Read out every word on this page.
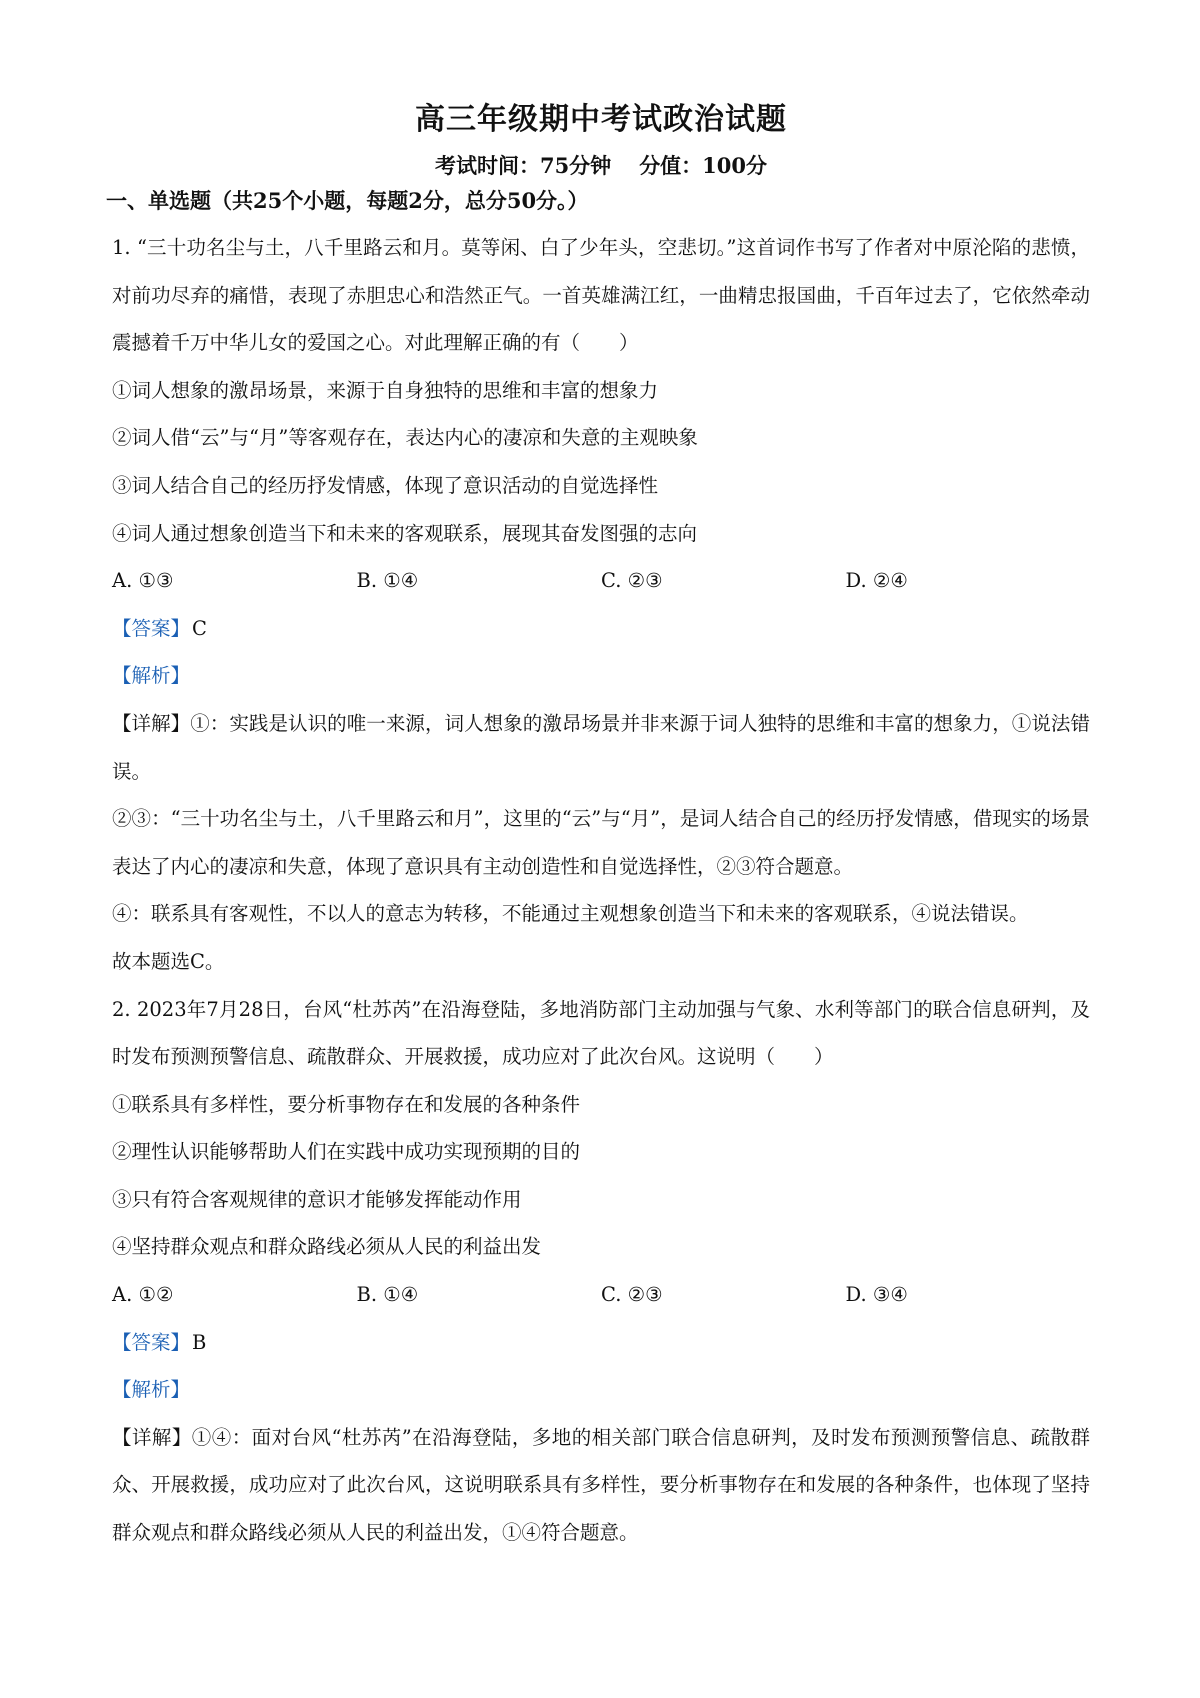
高三年级期中考试政治试题
考试时间：75分钟 分值：100分
一、单选题（共25个小题，每题2分，总分50分。）

1. “三十功名尘与土，八千里路云和月。莫等闲、白了少年头，空悲切。”这首词作书写了作者对中原沦陷的悲愤，对前功尽弃的痛惜，表现了赤胆忠心和浩然正气。一首英雄满江红，一曲精忠报国曲，千百年过去了，它依然牵动震撼着千万中华儿女的爱国之心。对此理解正确的有（　　）

①词人想象的激昂场景，来源于自身独特的思维和丰富的想象力

②词人借“云”与“月”等客观存在，表达内心的凄凉和失意的主观映象

③词人结合自己的经历抒发情感，体现了意识活动的自觉选择性

④词人通过想象创造当下和未来的客观联系，展现其奋发图强的志向

A. ①③	B. ①④	C. ②③	D. ②④

【答案】 C

【解析】

【详解】①：实践是认识的唯一来源，词人想象的激昂场景并非来源于词人独特的思维和丰富的想象力，①说法错误。

②③：“三十功名尘与土，八千里路云和月”，这里的“云”与“月”，是词人结合自己的经历抒发情感，借现实的场景表达了内心的凄凉和失意，体现了意识具有主动创造性和自觉选择性，②③符合题意。

④：联系具有客观性，不以人的意志为转移，不能通过主观想象创造当下和未来的客观联系，④说法错误。

故本题选C。

2. 2023年7月28日，台风“杜苏芮”在沿海登陆，多地消防部门主动加强与气象、水利等部门的联合信息研判，及时发布预测预警信息、疏散群众、开展救援，成功应对了此次台风。这说明（　　）

①联系具有多样性，要分析事物存在和发展的各种条件

②理性认识能够帮助人们在实践中成功实现预期的目的

③只有符合客观规律的意识才能够发挥能动作用

④坚持群众观点和群众路线必须从人民的利益出发

A. ①②	B. ①④	C. ②③	D. ③④

【答案】 B

【解析】

【详解】①④：面对台风“杜苏芮”在沿海登陆，多地的相关部门联合信息研判，及时发布预测预警信息、疏散群众、开展救援，成功应对了此次台风，这说明联系具有多样性，要分析事物存在和发展的各种条件，也体现了坚持群众观点和群众路线必须从人民的利益出发，①④符合题意。
